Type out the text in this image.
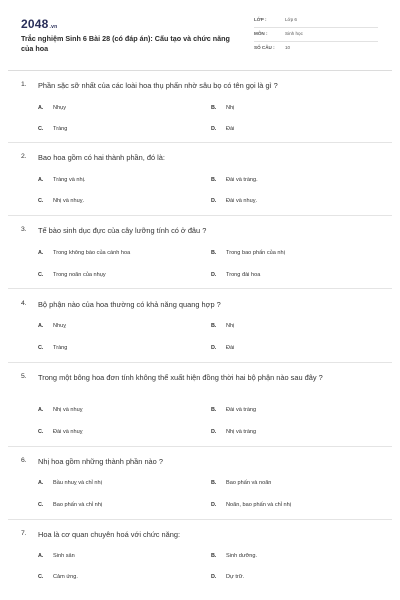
2048.vn
Trắc nghiệm Sinh 6 Bài 28 (có đáp án): Cấu tạo và chức năng của hoa
LỚP :	Lớp 6
MÔN :	Sinh học
SỐ CÂU : 10
1. Phần sặc sỡ nhất của các loài hoa thụ phấn nhờ sâu bọ có tên gọi là gì ?
A. Nhụy	B. Nhị
C. Tràng	D. Đài
2. Bao hoa gồm có hai thành phần, đó là:
A. Tràng và nhị.	B. Đài và tràng.
C. Nhị và nhuỵ.	D. Đài và nhuỵ.
3. Tế bào sinh dục đực của cây lưỡng tính có ở đâu ?
A. Trong không bào của cánh hoa	B. Trong bao phấn của nhị
C. Trong noãn của nhụy	D. Trong đài hoa
4. Bộ phận nào của hoa thường có khả năng quang hợp ?
A. Nhuỵ	B. Nhị
C. Tràng	D. Đài
5. Trong một bông hoa đơn tính không thể xuất hiện đồng thời hai bộ phận nào sau đây ?
A. Nhị và nhuỵ	B. Đài và tràng
C. Đài và nhuỵ	D. Nhị và tràng
6. Nhị hoa gồm những thành phần nào ?
A. Bầu nhuỵ và chỉ nhị	B. Bao phấn và noãn
C. Bao phấn và chỉ nhị	D. Noãn, bao phấn và chỉ nhị
7. Hoa là cơ quan chuyên hoá với chức năng:
A. Sinh sản	B. Sinh dưỡng.
C. Cảm ứng.	D. Dự trữ.
